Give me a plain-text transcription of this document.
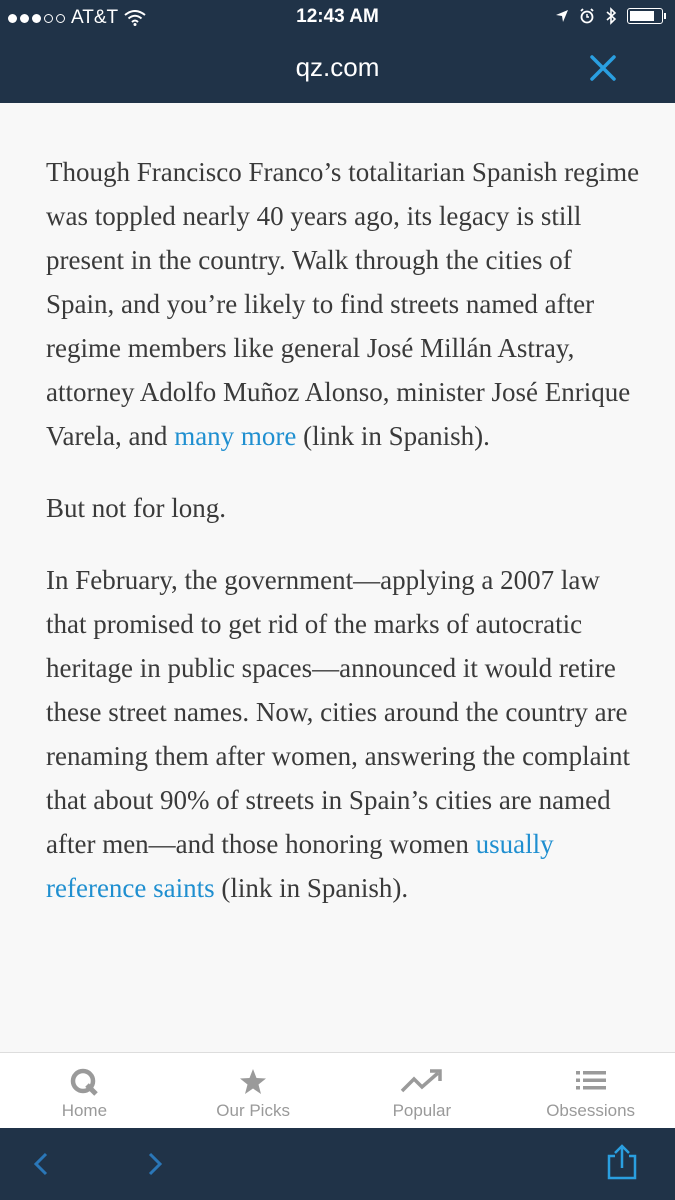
AT&T	12:43 AM
qz.com

Though Francisco Franco’s totalitarian Spanish regime was toppled nearly 40 years ago, its legacy is still present in the country. Walk through the cities of Spain, and you’re likely to find streets named after regime members like general José Millán Astray, attorney Adolfo Muñoz Alonso, minister José Enrique Varela, and many more (link in Spanish).

But not for long.

In February, the government—applying a 2007 law that promised to get rid of the marks of autocratic heritage in public spaces—announced it would retire these street names. Now, cities around the country are renaming them after women, answering the complaint that about 90% of streets in Spain’s cities are named after men—and those honoring women usually reference saints (link in Spanish).

Home	Our Picks	Popular	Obsessions
